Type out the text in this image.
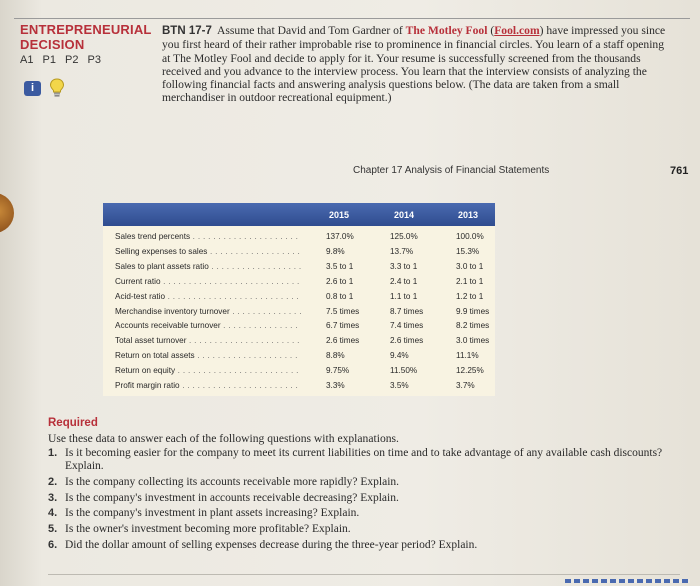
ENTREPRENEURIAL
DECISION
A1 P1 P2 P3
i
BTN 17-7 Assume that David and Tom Gardner of The Motley Fool (Fool.com) have impressed you since you first heard of their rather improbable rise to prominence in financial circles. You learn of a staff opening at The Motley Fool and decide to apply for it. Your resume is successfully screened from the thousands received and you advance to the interview process. You learn that the interview consists of analyzing the following financial facts and answering analysis questions below. (The data are taken from a small merchandiser in outdoor recreational equipment.)
Chapter 17 Analysis of Financial Statements	761
2015	2014	2013
Sales trend percents . . .	137.0%	125.0%	100.0%
Selling expenses to sales . . .	9.8%	13.7%	15.3%
Sales to plant assets ratio . . .	3.5 to 1	3.3 to 1	3.0 to 1
Current ratio . . .	2.6 to 1	2.4 to 1	2.1 to 1
Acid-test ratio . . .	0.8 to 1	1.1 to 1	1.2 to 1
Merchandise inventory turnover . . .	7.5 times	8.7 times	9.9 times
Accounts receivable turnover . . .	6.7 times	7.4 times	8.2 times
Total asset turnover . . .	2.6 times	2.6 times	3.0 times
Return on total assets . . .	8.8%	9.4%	11.1%
Return on equity . . .	9.75%	11.50%	12.25%
Profit margin ratio . . .	3.3%	3.5%	3.7%
Required
Use these data to answer each of the following questions with explanations.
1. Is it becoming easier for the company to meet its current liabilities on time and to take advantage of any available cash discounts? Explain.
2. Is the company collecting its accounts receivable more rapidly? Explain.
3. Is the company's investment in accounts receivable decreasing? Explain.
4. Is the company's investment in plant assets increasing? Explain.
5. Is the owner's investment becoming more profitable? Explain.
6. Did the dollar amount of selling expenses decrease during the three-year period? Explain.
